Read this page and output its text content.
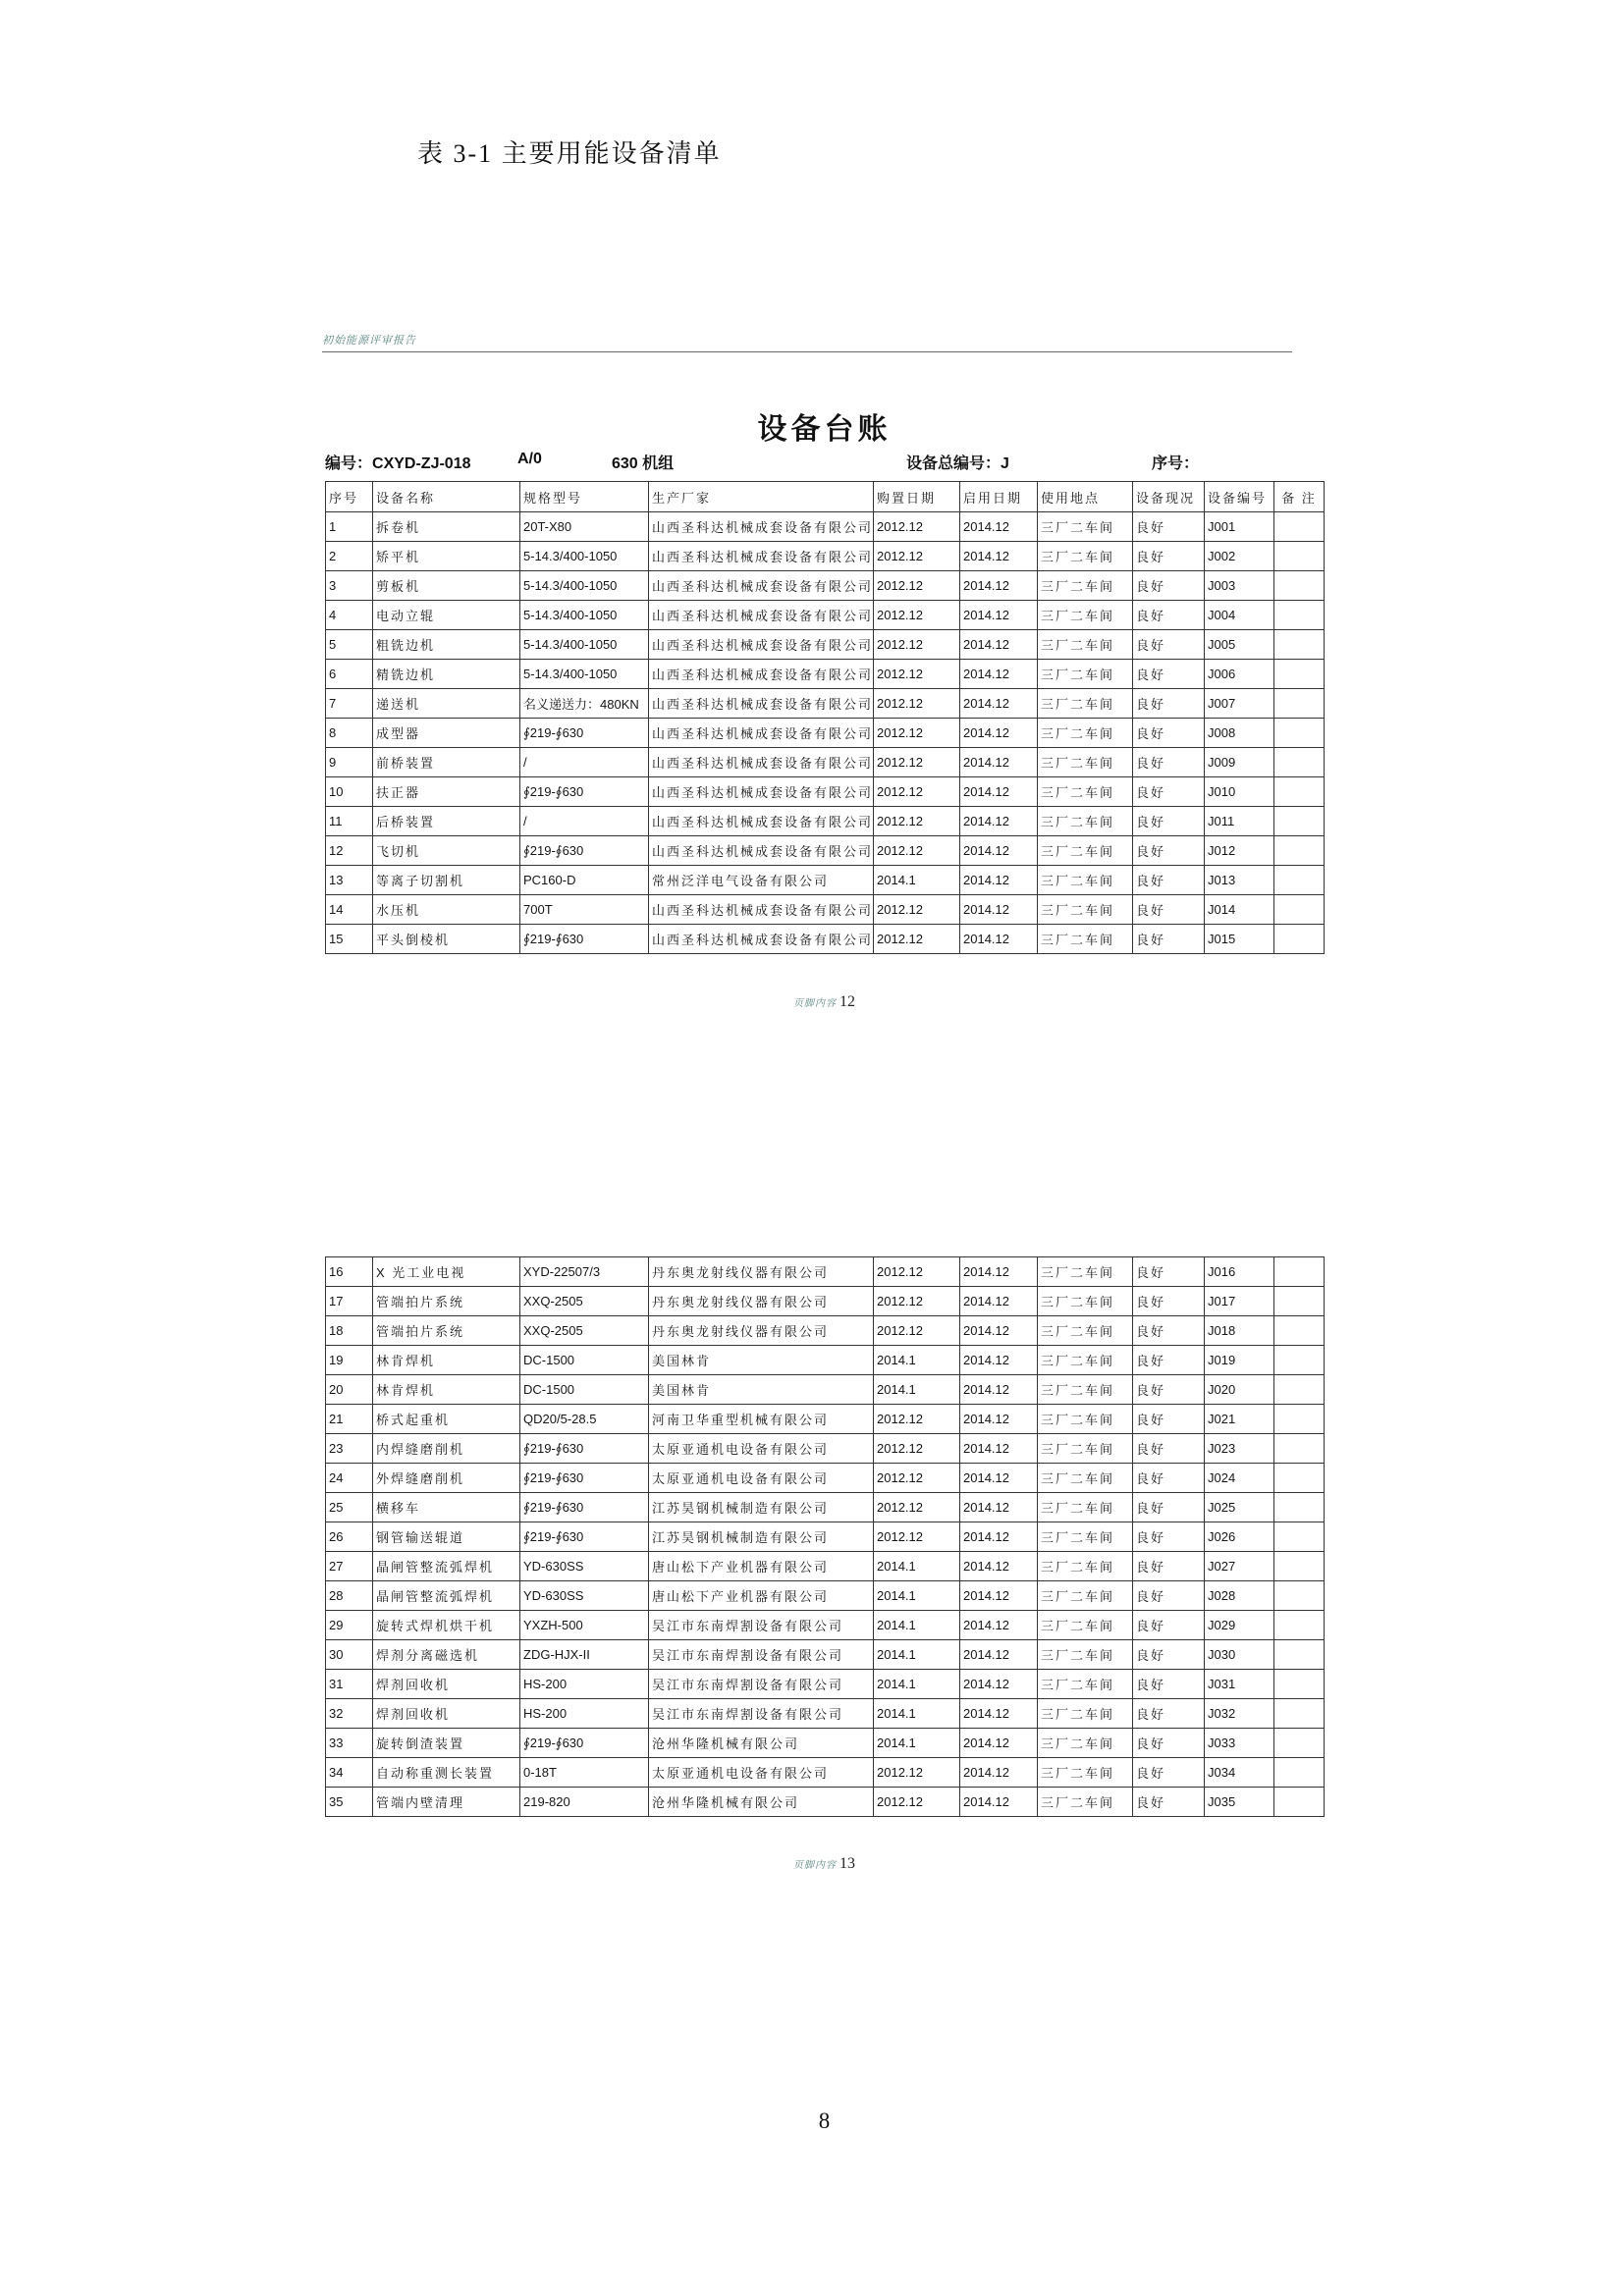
表 3-1 主要用能设备清单
初始能源评审报告
设备台账
编号：CXYD-ZJ-018	A/0	630 机组	设备总编号：J	序号：
序号	设备名称	规格型号	生产厂家	购置日期	启用日期	使用地点	设备现况	设备编号	备 注
1	拆卷机	20T-X80	山西圣科达机械成套设备有限公司	2012.12	2014.12	三厂二车间	良好	J001	
2	矫平机	5-14.3/400-1050	山西圣科达机械成套设备有限公司	2012.12	2014.12	三厂二车间	良好	J002	
3	剪板机	5-14.3/400-1050	山西圣科达机械成套设备有限公司	2012.12	2014.12	三厂二车间	良好	J003	
4	电动立辊	5-14.3/400-1050	山西圣科达机械成套设备有限公司	2012.12	2014.12	三厂二车间	良好	J004	
5	粗铣边机	5-14.3/400-1050	山西圣科达机械成套设备有限公司	2012.12	2014.12	三厂二车间	良好	J005	
6	精铣边机	5-14.3/400-1050	山西圣科达机械成套设备有限公司	2012.12	2014.12	三厂二车间	良好	J006	
7	递送机	名义递送力：480KN	山西圣科达机械成套设备有限公司	2012.12	2014.12	三厂二车间	良好	J007	
8	成型器	∮219-∮630	山西圣科达机械成套设备有限公司	2012.12	2014.12	三厂二车间	良好	J008	
9	前桥装置	/	山西圣科达机械成套设备有限公司	2012.12	2014.12	三厂二车间	良好	J009	
10	扶正器	∮219-∮630	山西圣科达机械成套设备有限公司	2012.12	2014.12	三厂二车间	良好	J010	
11	后桥装置	/	山西圣科达机械成套设备有限公司	2012.12	2014.12	三厂二车间	良好	J011	
12	飞切机	∮219-∮630	山西圣科达机械成套设备有限公司	2012.12	2014.12	三厂二车间	良好	J012	
13	等离子切割机	PC160-D	常州泛洋电气设备有限公司	2014.1	2014.12	三厂二车间	良好	J013	
14	水压机	700T	山西圣科达机械成套设备有限公司	2012.12	2014.12	三厂二车间	良好	J014	
15	平头倒棱机	∮219-∮630	山西圣科达机械成套设备有限公司	2012.12	2014.12	三厂二车间	良好	J015	
页脚内容 12
16	X 光工业电视	XYD-22507/3	丹东奥龙射线仪器有限公司	2012.12	2014.12	三厂二车间	良好	J016	
17	管端拍片系统	XXQ-2505	丹东奥龙射线仪器有限公司	2012.12	2014.12	三厂二车间	良好	J017	
18	管端拍片系统	XXQ-2505	丹东奥龙射线仪器有限公司	2012.12	2014.12	三厂二车间	良好	J018	
19	林肯焊机	DC-1500	美国林肯	2014.1	2014.12	三厂二车间	良好	J019	
20	林肯焊机	DC-1500	美国林肯	2014.1	2014.12	三厂二车间	良好	J020	
21	桥式起重机	QD20/5-28.5	河南卫华重型机械有限公司	2012.12	2014.12	三厂二车间	良好	J021	
23	内焊缝磨削机	∮219-∮630	太原亚通机电设备有限公司	2012.12	2014.12	三厂二车间	良好	J023	
24	外焊缝磨削机	∮219-∮630	太原亚通机电设备有限公司	2012.12	2014.12	三厂二车间	良好	J024	
25	横移车	∮219-∮630	江苏昊钢机械制造有限公司	2012.12	2014.12	三厂二车间	良好	J025	
26	钢管输送辊道	∮219-∮630	江苏昊钢机械制造有限公司	2012.12	2014.12	三厂二车间	良好	J026	
27	晶闸管整流弧焊机	YD-630SS	唐山松下产业机器有限公司	2014.1	2014.12	三厂二车间	良好	J027	
28	晶闸管整流弧焊机	YD-630SS	唐山松下产业机器有限公司	2014.1	2014.12	三厂二车间	良好	J028	
29	旋转式焊机烘干机	YXZH-500	吴江市东南焊割设备有限公司	2014.1	2014.12	三厂二车间	良好	J029	
30	焊剂分离磁选机	ZDG-HJX-II	吴江市东南焊割设备有限公司	2014.1	2014.12	三厂二车间	良好	J030	
31	焊剂回收机	HS-200	吴江市东南焊割设备有限公司	2014.1	2014.12	三厂二车间	良好	J031	
32	焊剂回收机	HS-200	吴江市东南焊割设备有限公司	2014.1	2014.12	三厂二车间	良好	J032	
33	旋转倒渣装置	∮219-∮630	沧州华隆机械有限公司	2014.1	2014.12	三厂二车间	良好	J033	
34	自动称重测长装置	0-18T	太原亚通机电设备有限公司	2012.12	2014.12	三厂二车间	良好	J034	
35	管端内壁清理	219-820	沧州华隆机械有限公司	2012.12	2014.12	三厂二车间	良好	J035	
页脚内容 13
8
